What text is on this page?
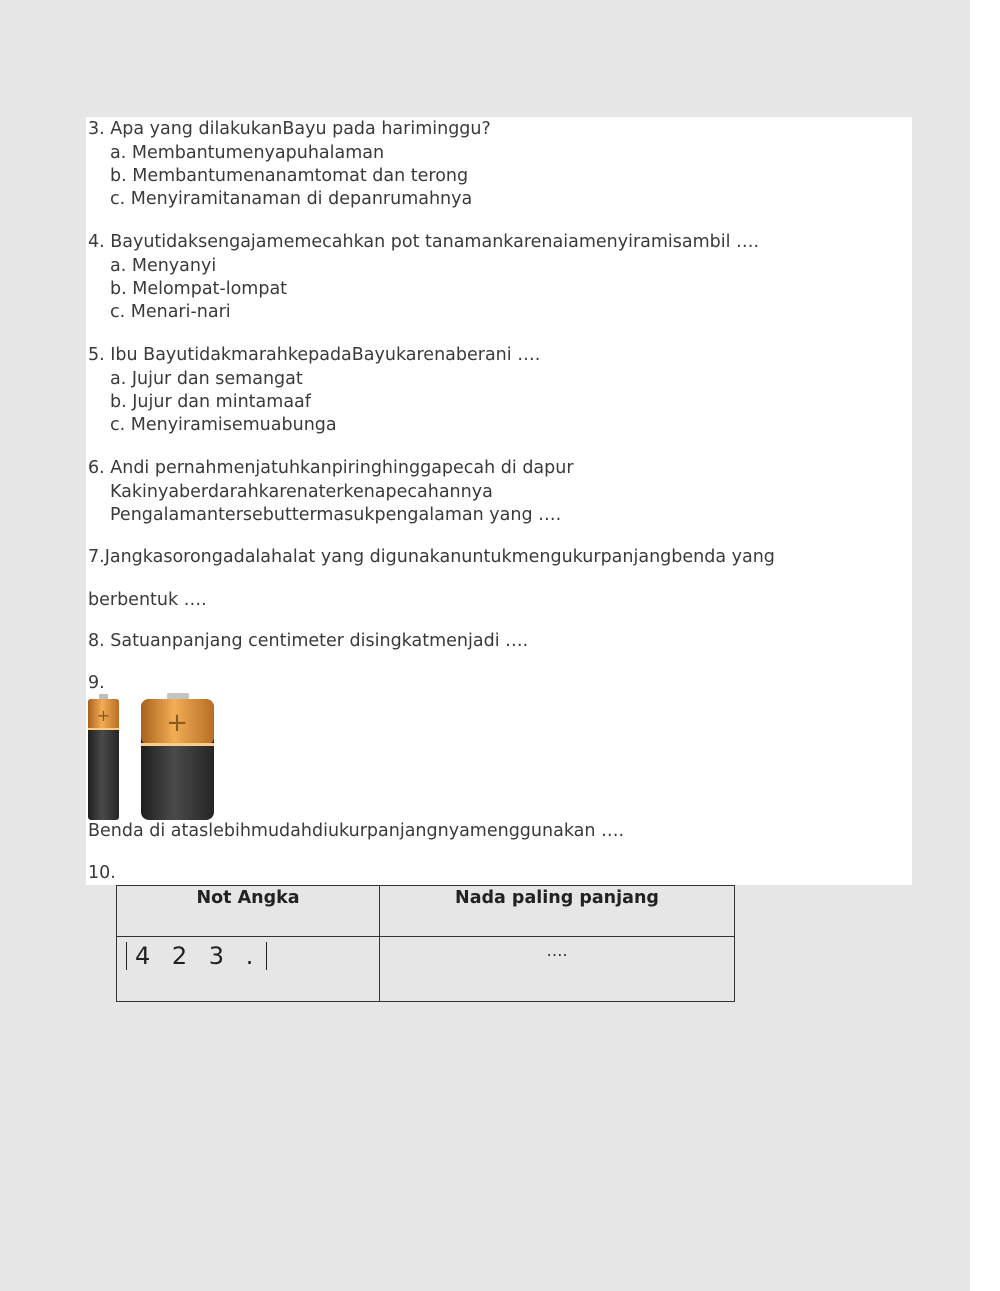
3. Apa yang dilakukanBayu pada hariminggu?
a. Membantumenyapuhalaman
b. Membantumenanamtomat dan terong
c. Menyiramitanaman di depanrumahnya
4. Bayutidaksengajamemecahkan pot tanamankarenaiamenyiramisambil ….
a. Menyanyi
b. Melompat-lompat
c. Menari-nari
5. Ibu BayutidakmarahkepadaBayukarenaberani ….
a. Jujur dan semangat
b. Jujur dan mintamaaf
c. Menyiramisemuabunga
6. Andi pernahmenjatuhkanpiringhinggapecah di dapur
Kakinyaberdarahkarenaterkenapecahannya
Pengalamantersebuttermasukpengalaman yang ….
7.Jangkasorongadalahalat yang digunakanuntukmengukurpanjangbenda yang
berbentuk ….
8. Satuanpanjang centimeter disingkatmenjadi ….
9.
+ +
Benda di ataslebihmudahdiukurpanjangnyamenggunakan ….
10.
Not Angka	Nada paling panjang
4 2 3 .	….
